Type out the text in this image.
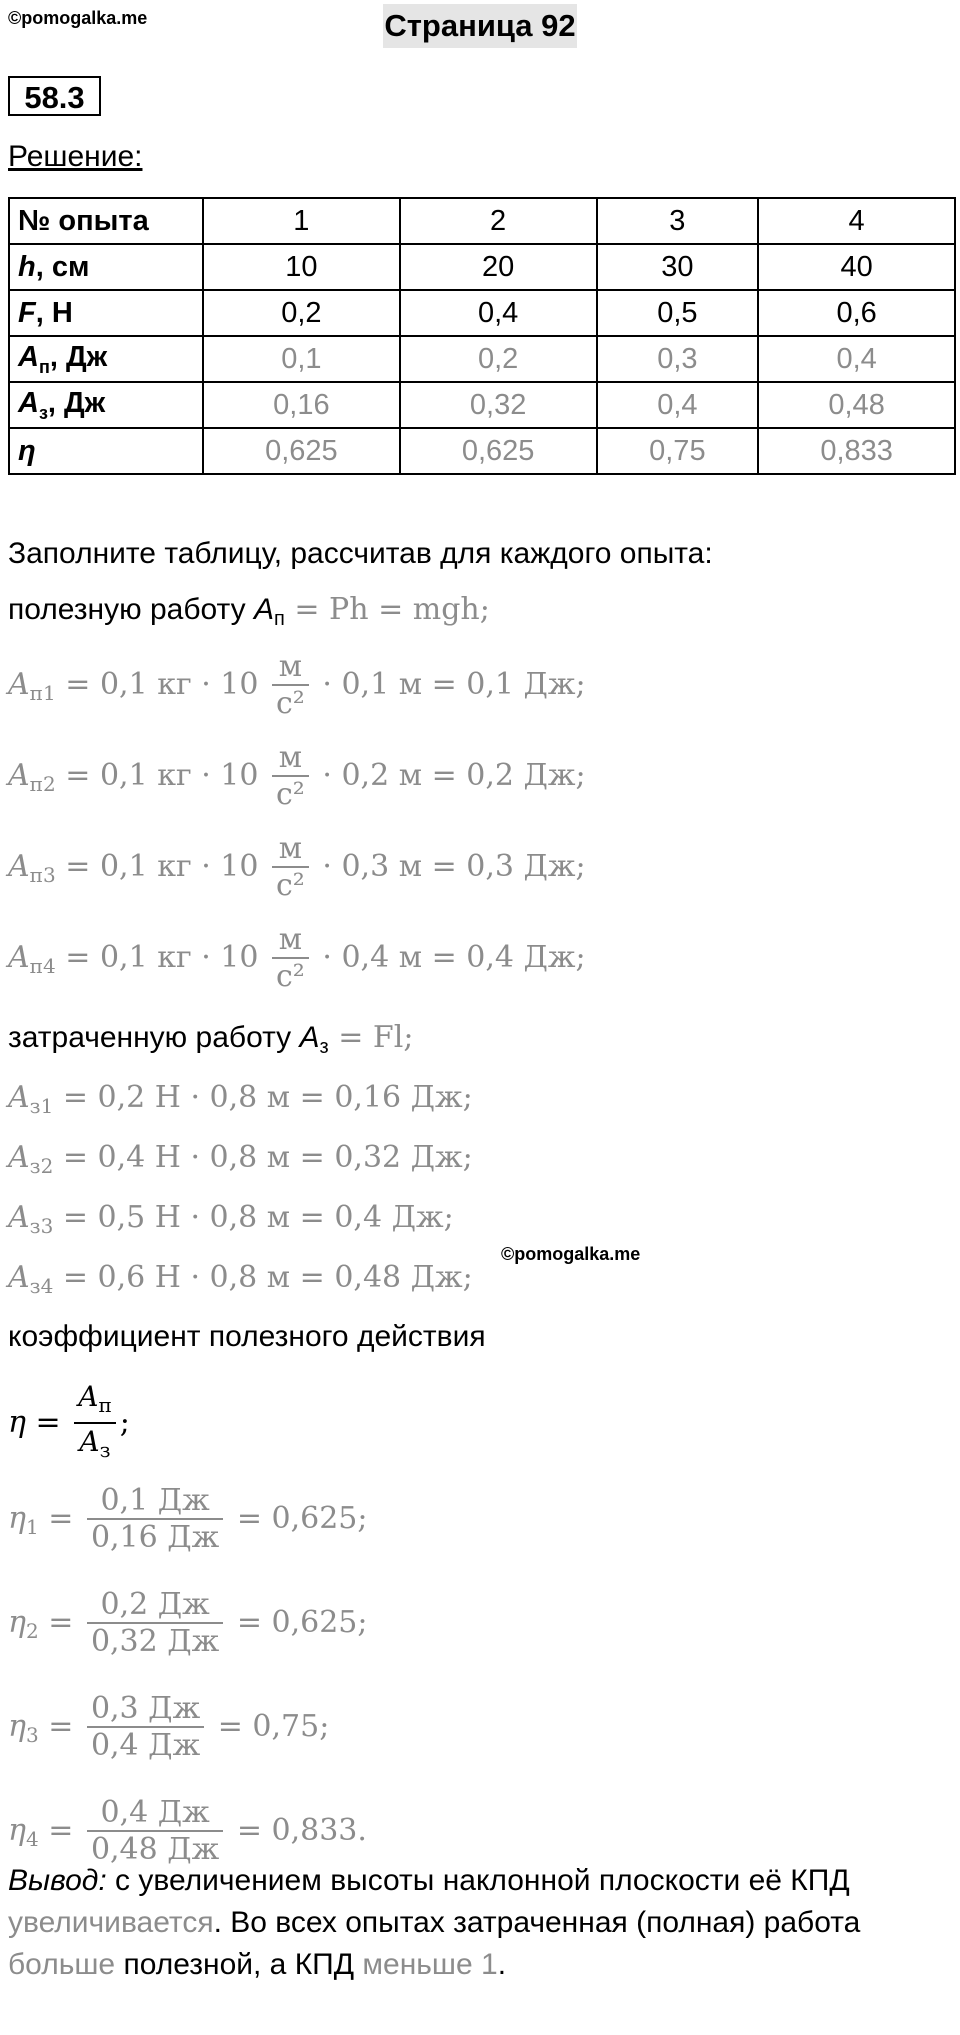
©pomogalka.me	Страница 92
58.3
Решение:
№ опыта	1	2	3	4
h, см	10	20	30	40
F, Н	0,2	0,4	0,5	0,6
$A_п$, Дж	0,1	0,2	0,3	0,4
$A_з$, Дж	0,16	0,32	0,4	0,48
η	0,625	0,625	0,75	0,833
Заполните таблицу, рассчитав для каждого опыта:
полезную работу $A_п = Ph$ = mgh;
$A_{п1} = 0,1$ кг · $10 \frac{м}{\text{с²}} \cdot 0,1$ м = 0,1 Дж;
$A_{п2} = 0,1$ кг · $10 \frac{м}{\text{с²}} \cdot 0,2$ м = 0,2 Дж;
$A_{п3} = 0,1$ кг · $10 \frac{м}{\text{с²}} \cdot 0,3$ м = 0,3 Дж;
$A_{п4} = 0,1$ кг · $10 \frac{м}{\text{с²}} \cdot 0,4$ м = 0,4 Дж;
затраченную работу $A_з = Fl$;
$A_{з1} = 0,2$ Н · 0,8 м = 0,16 Дж;
$A_{з2} = 0,4$ Н · 0,8 м = 0,32 Дж;
$A_{з3} = 0,5$ Н · 0,8 м = 0,4 Дж;
$A_{з4} = 0,6$ Н · 0,8 м = 0,48 Дж;
©pomogalka.me
коэффициент полезного действия
$\eta = \frac{A_п}{A_з}$ ;
$\eta_1 = \frac{0,1 Дж}{0,16 Дж} = 0,625$;
$\eta_2 = \frac{0,2 Дж}{0,32 Дж} = 0,625$;
$\eta_3 = \frac{0,3 Дж}{0,4 Дж} = 0,75$;
$\eta_4 = \frac{0,4 Дж}{0,48 Дж} = 0,833$.
Вывод: с увеличением высоты наклонной плоскости её КПД увеличивается. Во всех опытах затраченная (полная) работа больше полезной, а КПД меньше 1.
